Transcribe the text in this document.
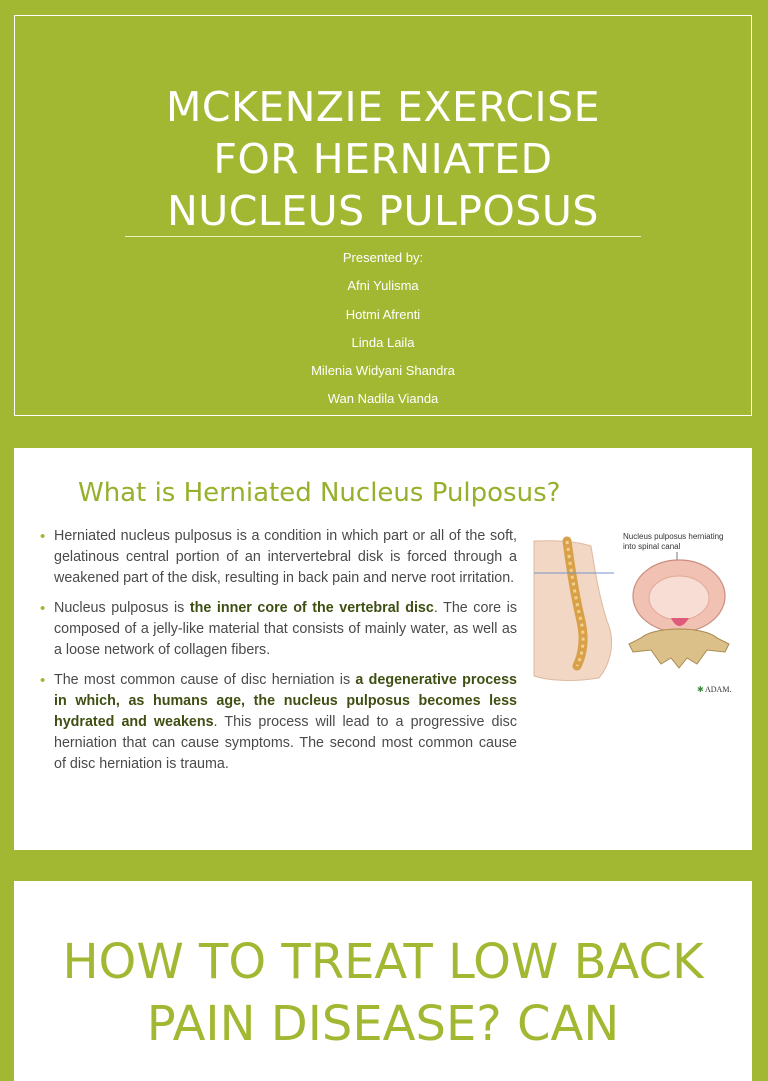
MCKENZIE EXERCISE FOR HERNIATED NUCLEUS PULPOSUS
Presented by:
Afni Yulisma
Hotmi Afrenti
Linda Laila
Milenia Widyani Shandra
Wan Nadila Vianda
What is Herniated Nucleus Pulposus?
• Herniated nucleus pulposus is a condition in which part or all of the soft, gelatinous central portion of an intervertebral disk is forced through a weakened part of the disk, resulting in back pain and nerve root irritation.
• Nucleus pulposus is the inner core of the vertebral disc. The core is composed of a jelly-like material that consists of mainly water, as well as a loose network of collagen fibers.
• The most common cause of disc herniation is a degenerative process in which, as humans age, the nucleus pulposus becomes less hydrated and weakens. This process will lead to a progressive disc herniation that can cause symptoms. The second most common cause of disc herniation is trauma.
Nucleus pulposus herniating
into spinal canal
ADAM.
✱
HOW TO TREAT LOW BACK PAIN DISEASE? CAN
